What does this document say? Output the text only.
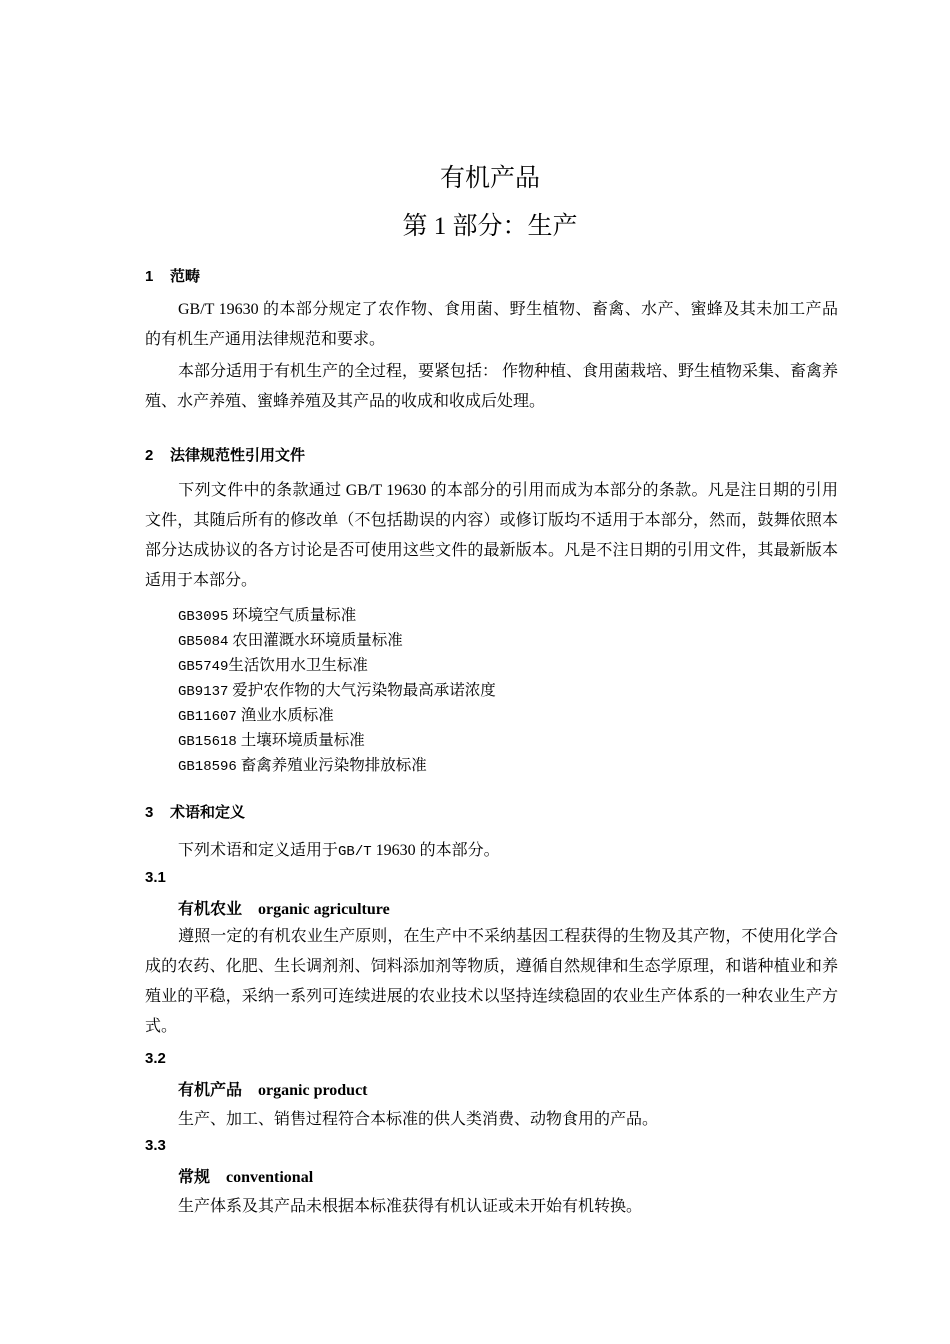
有机产品
第 1 部分：生产
1 范畴
GB/T 19630 的本部分规定了农作物、食用菌、野生植物、畜禽、水产、蜜蜂及其未加工产品的有机生产通用法律规范和要求。
本部分适用于有机生产的全过程，要紧包括： 作物种植、食用菌栽培、野生植物采集、畜禽养殖、水产养殖、蜜蜂养殖及其产品的收成和收成后处理。
2 法律规范性引用文件
下列文件中的条款通过 GB/T 19630 的本部分的引用而成为本部分的条款。凡是注日期的引用文件，其随后所有的修改单（不包括勘误的内容）或修订版均不适用于本部分，然而，鼓舞依照本部分达成协议的各方讨论是否可使用这些文件的最新版本。凡是不注日期的引用文件，其最新版本适用于本部分。
GB3095 环境空气质量标准
GB5084 农田灌溉水环境质量标准
GB5749生活饮用水卫生标准
GB9137 爱护农作物的大气污染物最高承诺浓度
GB11607 渔业水质标准
GB15618 土壤环境质量标准
GB18596 畜禽养殖业污染物排放标准
3 术语和定义
下列术语和定义适用于GB/T 19630 的本部分。
3.1
有机农业 organic agriculture
遵照一定的有机农业生产原则，在生产中不采纳基因工程获得的生物及其产物，不使用化学合成的农药、化肥、生长调剂剂、饲料添加剂等物质，遵循自然规律和生态学原理，和谐种植业和养殖业的平稳，采纳一系列可连续进展的农业技术以坚持连续稳固的农业生产体系的一种农业生产方式。
3.2
有机产品 organic product
生产、加工、销售过程符合本标准的供人类消费、动物食用的产品。
3.3
常规 conventional
生产体系及其产品未根据本标准获得有机认证或未开始有机转换。
